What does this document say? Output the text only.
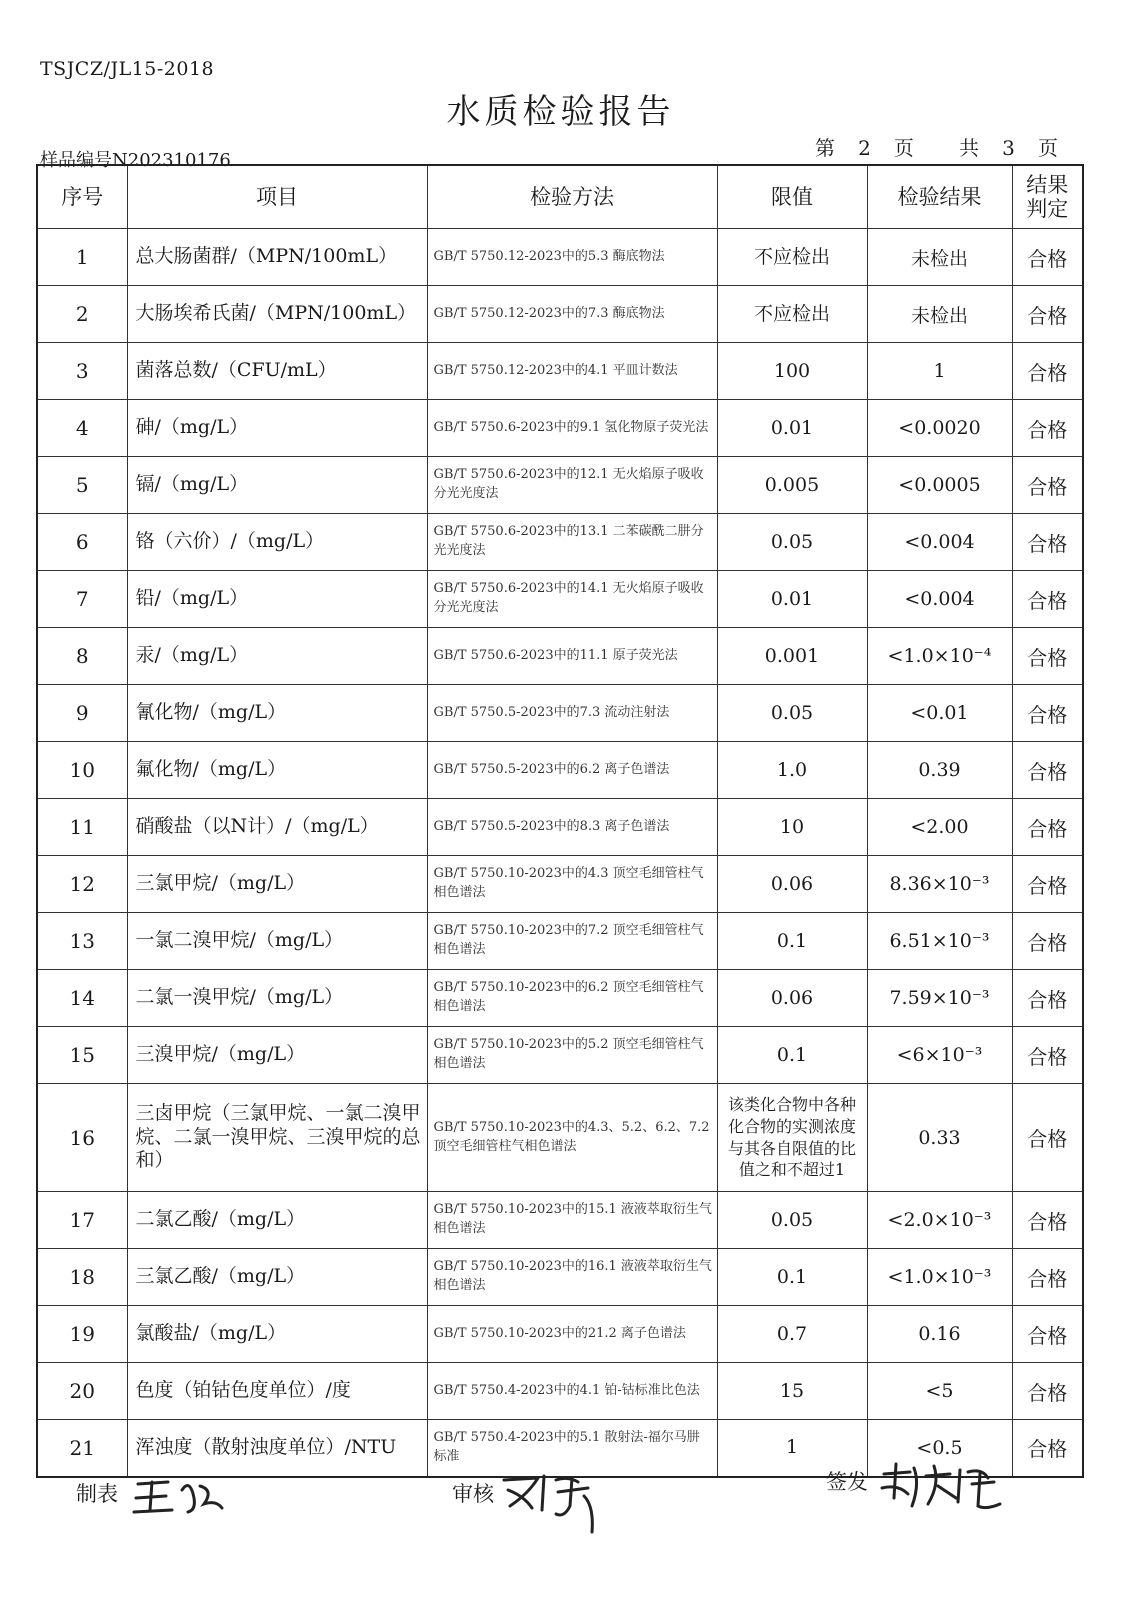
TSJCZ/JL15-2018
水质检验报告
样品编号N202310176
第 2 页 共 3 页
序号	项目	检验方法	限值	检验结果	结果判定
1	总大肠菌群/（MPN/100mL）	GB/T 5750.12-2023中的5.3 酶底物法	不应检出	未检出	合格
2	大肠埃希氏菌/（MPN/100mL）	GB/T 5750.12-2023中的7.3 酶底物法	不应检出	未检出	合格
3	菌落总数/（CFU/mL）	GB/T 5750.12-2023中的4.1 平皿计数法	100	1	合格
4	砷/（mg/L）	GB/T 5750.6-2023中的9.1 氢化物原子荧光法	0.01	<0.0020	合格
5	镉/（mg/L）	GB/T 5750.6-2023中的12.1 无火焰原子吸收分光光度法	0.005	<0.0005	合格
6	铬（六价）/（mg/L）	GB/T 5750.6-2023中的13.1 二苯碳酰二肼分光光度法	0.05	<0.004	合格
7	铅/（mg/L）	GB/T 5750.6-2023中的14.1 无火焰原子吸收分光光度法	0.01	<0.004	合格
8	汞/（mg/L）	GB/T 5750.6-2023中的11.1 原子荧光法	0.001	<1.0×10⁻⁴	合格
9	氰化物/（mg/L）	GB/T 5750.5-2023中的7.3 流动注射法	0.05	<0.01	合格
10	氟化物/（mg/L）	GB/T 5750.5-2023中的6.2 离子色谱法	1.0	0.39	合格
11	硝酸盐（以N计）/（mg/L）	GB/T 5750.5-2023中的8.3 离子色谱法	10	<2.00	合格
12	三氯甲烷/（mg/L）	GB/T 5750.10-2023中的4.3 顶空毛细管柱气相色谱法	0.06	8.36×10⁻³	合格
13	一氯二溴甲烷/（mg/L）	GB/T 5750.10-2023中的7.2 顶空毛细管柱气相色谱法	0.1	6.51×10⁻³	合格
14	二氯一溴甲烷/（mg/L）	GB/T 5750.10-2023中的6.2 顶空毛细管柱气相色谱法	0.06	7.59×10⁻³	合格
15	三溴甲烷/（mg/L）	GB/T 5750.10-2023中的5.2 顶空毛细管柱气相色谱法	0.1	<6×10⁻³	合格
16	三卤甲烷（三氯甲烷、一氯二溴甲烷、二氯一溴甲烷、三溴甲烷的总和）	GB/T 5750.10-2023中的4.3、5.2、6.2、7.2 顶空毛细管柱气相色谱法	该类化合物中各种化合物的实测浓度与其各自限值的比值之和不超过1	0.33	合格
17	二氯乙酸/（mg/L）	GB/T 5750.10-2023中的15.1 液液萃取衍生气相色谱法	0.05	<2.0×10⁻³	合格
18	三氯乙酸/（mg/L）	GB/T 5750.10-2023中的16.1 液液萃取衍生气相色谱法	0.1	<1.0×10⁻³	合格
19	氯酸盐/（mg/L）	GB/T 5750.10-2023中的21.2 离子色谱法	0.7	0.16	合格
20	色度（铂钴色度单位）/度	GB/T 5750.4-2023中的4.1 铂-钴标准比色法	15	<5	合格
21	浑浊度（散射浊度单位）/NTU	GB/T 5750.4-2023中的5.1 散射法-福尔马肼标准	1	<0.5	合格
制表	审核	签发
